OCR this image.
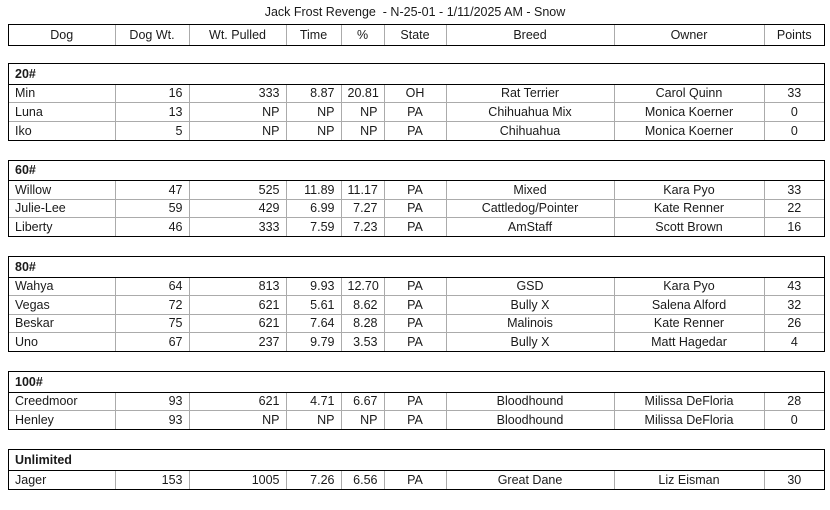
Jack Frost Revenge  - N-25-01 - 1/11/2025 AM - Snow
Dog	Dog Wt.	Wt. Pulled	Time	%	State	Breed	Owner	Points
20#								
Min	16	333	8.87	20.81	OH	Rat Terrier	Carol Quinn	33
Luna	13	NP	NP	NP	PA	Chihuahua Mix	Monica Koerner	0
Iko	5	NP	NP	NP	PA	Chihuahua	Monica Koerner	0
60#								
Willow	47	525	11.89	11.17	PA	Mixed	Kara Pyo	33
Julie-Lee	59	429	6.99	7.27	PA	Cattledog/Pointer	Kate Renner	22
Liberty	46	333	7.59	7.23	PA	AmStaff	Scott Brown	16
80#								
Wahya	64	813	9.93	12.70	PA	GSD	Kara Pyo	43
Vegas	72	621	5.61	8.62	PA	Bully X	Salena Alford	32
Beskar	75	621	7.64	8.28	PA	Malinois	Kate Renner	26
Uno	67	237	9.79	3.53	PA	Bully X	Matt Hagedar	4
100#								
Creedmoor	93	621	4.71	6.67	PA	Bloodhound	Milissa DeFloria	28
Henley	93	NP	NP	NP	PA	Bloodhound	Milissa DeFloria	0
Unlimited
Jager	153	1005	7.26	6.56	PA	Great Dane	Liz Eisman	30
